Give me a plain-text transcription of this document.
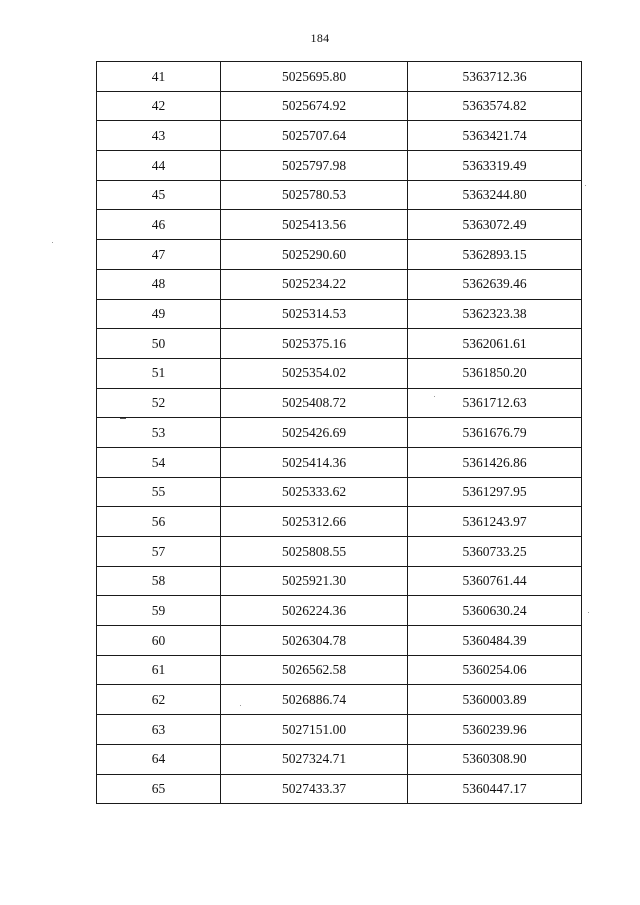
184
41	5025695.80	5363712.36
42	5025674.92	5363574.82
43	5025707.64	5363421.74
44	5025797.98	5363319.49
45	5025780.53	5363244.80
46	5025413.56	5363072.49
47	5025290.60	5362893.15
48	5025234.22	5362639.46
49	5025314.53	5362323.38
50	5025375.16	5362061.61
51	5025354.02	5361850.20
52	5025408.72	5361712.63
53	5025426.69	5361676.79
54	5025414.36	5361426.86
55	5025333.62	5361297.95
56	5025312.66	5361243.97
57	5025808.55	5360733.25
58	5025921.30	5360761.44
59	5026224.36	5360630.24
60	5026304.78	5360484.39
61	5026562.58	5360254.06
62	5026886.74	5360003.89
63	5027151.00	5360239.96
64	5027324.71	5360308.90
65	5027433.37	5360447.17
